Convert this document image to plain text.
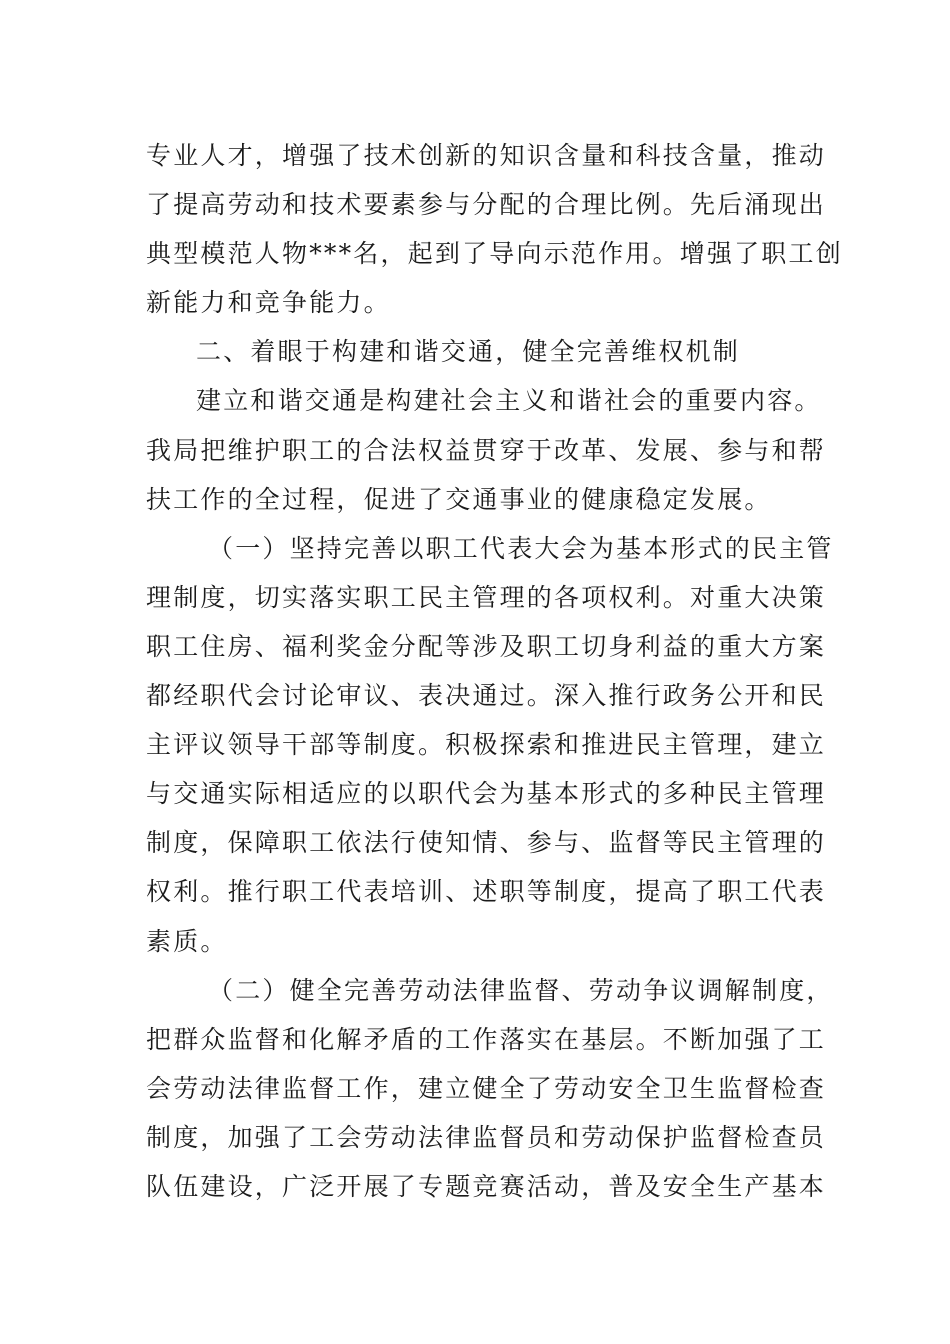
专业人才，增强了技术创新的知识含量和科技含量，推动
了提高劳动和技术要素参与分配的合理比例。先后涌现出
典型模范人物***名，起到了导向示范作用。增强了职工创
新能力和竞争能力。
二、着眼于构建和谐交通，健全完善维权机制
建立和谐交通是构建社会主义和谐社会的重要内容。
我局把维护职工的合法权益贯穿于改革、发展、参与和帮
扶工作的全过程，促进了交通事业的健康稳定发展。
（一）坚持完善以职工代表大会为基本形式的民主管
理制度，切实落实职工民主管理的各项权利。对重大决策
职工住房、福利奖金分配等涉及职工切身利益的重大方案
都经职代会讨论审议、表决通过。深入推行政务公开和民
主评议领导干部等制度。积极探索和推进民主管理，建立
与交通实际相适应的以职代会为基本形式的多种民主管理
制度，保障职工依法行使知情、参与、监督等民主管理的
权利。推行职工代表培训、述职等制度，提高了职工代表
素质。
（二）健全完善劳动法律监督、劳动争议调解制度，
把群众监督和化解矛盾的工作落实在基层。不断加强了工
会劳动法律监督工作，建立健全了劳动安全卫生监督检查
制度，加强了工会劳动法律监督员和劳动保护监督检查员
队伍建设，广泛开展了专题竞赛活动，普及安全生产基本
